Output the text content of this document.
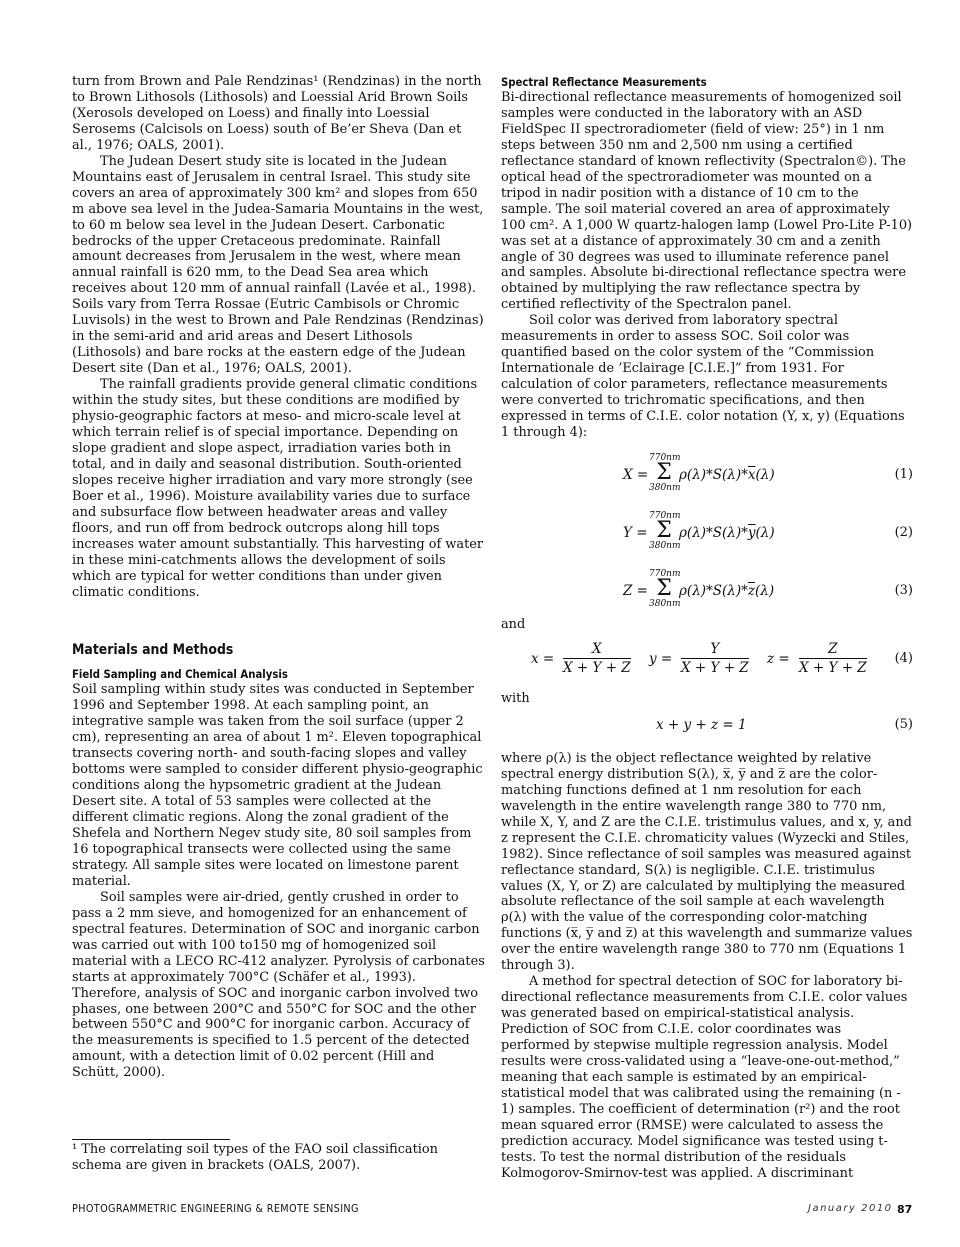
turn from Brown and Pale Rendzinas¹ (Rendzinas) in the north to Brown Lithosols (Lithosols) and Loessial Arid Brown Soils (Xerosols developed on Loess) and finally into Loessial Serosems (Calcisols on Loess) south of Be’er Sheva (Dan et al., 1976; OALS, 2001).

The Judean Desert study site is located in the Judean Mountains east of Jerusalem in central Israel. This study site covers an area of approximately 300 km² and slopes from 650 m above sea level in the Judea-Samaria Mountains in the west, to 60 m below sea level in the Judean Desert. Carbonatic bedrocks of the upper Cretaceous predominate. Rainfall amount decreases from Jerusalem in the west, where mean annual rainfall is 620 mm, to the Dead Sea area which receives about 120 mm of annual rainfall (Lavée et al., 1998). Soils vary from Terra Rossae (Eutric Cambisols or Chromic Luvisols) in the west to Brown and Pale Rendzinas (Rendzinas) in the semi-arid and arid areas and Desert Lithosols (Lithosols) and bare rocks at the eastern edge of the Judean Desert site (Dan et al., 1976; OALS, 2001).

The rainfall gradients provide general climatic conditions within the study sites, but these conditions are modified by physio-geographic factors at meso- and micro-scale level at which terrain relief is of special importance. Depending on slope gradient and slope aspect, irradiation varies both in total, and in daily and seasonal distribution. South-oriented slopes receive higher irradiation and vary more strongly (see Boer et al., 1996). Moisture availability varies due to surface and subsurface flow between headwater areas and valley floors, and run off from bedrock outcrops along hill tops increases water amount substantially. This harvesting of water in these mini-catchments allows the development of soils which are typical for wetter conditions than under given climatic conditions.

Materials and Methods
Field Sampling and Chemical Analysis

Soil sampling within study sites was conducted in September 1996 and September 1998. At each sampling point, an integrative sample was taken from the soil surface (upper 2 cm), representing an area of about 1 m². Eleven topographical transects covering north- and south-facing slopes and valley bottoms were sampled to consider different physio-geographic conditions along the hypsometric gradient at the Judean Desert site. A total of 53 samples were collected at the different climatic regions. Along the zonal gradient of the Shefela and Northern Negev study site, 80 soil samples from 16 topographical transects were collected using the same strategy. All sample sites were located on limestone parent material.

Soil samples were air-dried, gently crushed in order to pass a 2 mm sieve, and homogenized for an enhancement of spectral features. Determination of SOC and inorganic carbon was carried out with 100 to150 mg of homogenized soil material with a LECO RC-412 analyzer. Pyrolysis of carbonates starts at approximately 700°C (Schäfer et al., 1993). Therefore, analysis of SOC and inorganic carbon involved two phases, one between 200°C and 550°C for SOC and the other between 550°C and 900°C for inorganic carbon. Accuracy of the measurements is specified to 1.5 percent of the detected amount, with a detection limit of 0.02 percent (Hill and Schütt, 2000).

¹ The correlating soil types of the FAO soil classification schema are given in brackets (OALS, 2007).

Spectral Reflectance Measurements

Bi-directional reflectance measurements of homogenized soil samples were conducted in the laboratory with an ASD FieldSpec II spectroradiometer (field of view: 25°) in 1 nm steps between 350 nm and 2,500 nm using a certified reflectance standard of known reflectivity (Spectralon©). The optical head of the spectroradiometer was mounted on a tripod in nadir position with a distance of 10 cm to the sample. The soil material covered an area of approximately 100 cm². A 1,000 W quartz-halogen lamp (Lowel Pro-Lite P-10) was set at a distance of approximately 30 cm and a zenith angle of 30 degrees was used to illuminate reference panel and samples. Absolute bi-directional reflectance spectra were obtained by multiplying the raw reflectance spectra by certified reflectivity of the Spectralon panel.

Soil color was derived from laboratory spectral measurements in order to assess SOC. Soil color was quantified based on the color system of the “Commission Internationale de ’Eclairage [C.I.E.]” from 1931. For calculation of color parameters, reflectance measurements were converted to trichromatic specifications, and then expressed in terms of C.I.E. color notation (Y, x, y) (Equations 1 through 4):

X =
770nm
Σ
380nm
$\rho(\lambda)*S(\lambda)*\overline{x}(\lambda)$	(1)
Y =
770nm
Σ
380nm
$\rho(\lambda)*S(\lambda)*\overline{y}(\lambda)$	(2)
Z =
770nm
Σ
380nm
$\rho(\lambda)*S(\lambda)*\overline{z}(\lambda)$	(3)

and

$x = \frac{X}{X + Y + Z}$ $y = \frac{Y}{X + Y + Z}$ $z = \frac{Z}{X + Y + Z} (4)$

with

x + y + z = 1	(5)

where ρ(λ) is the object reflectance weighted by relative spectral energy distribution S(λ), x̅, y̅ and z̅ are the color-matching functions defined at 1 nm resolution for each wavelength in the entire wavelength range 380 to 770 nm, while X, Y, and Z are the C.I.E. tristimulus values, and x, y, and z represent the C.I.E. chromaticity values (Wyzecki and Stiles, 1982). Since reflectance of soil samples was measured against reflectance standard, S(λ) is negligible. C.I.E. tristimulus values (X, Y, or Z) are calculated by multiplying the measured absolute reflectance of the soil sample at each wavelength ρ(λ) with the value of the corresponding color-matching functions (x̅, y̅ and z̅) at this wavelength and summarize values over the entire wavelength range 380 to 770 nm (Equations 1 through 3).

A method for spectral detection of SOC for laboratory bi-directional reflectance measurements from C.I.E. color values was generated based on empirical-statistical analysis. Prediction of SOC from C.I.E. color coordinates was performed by stepwise multiple regression analysis. Model results were cross-validated using a “leave-one-out-method,” meaning that each sample is estimated by an empirical-statistical model that was calibrated using the remaining (n - 1) samples. The coefficient of determination (r²) and the root mean squared error (RMSE) were calculated to assess the prediction accuracy. Model significance was tested using t-tests. To test the normal distribution of the residuals Kolmogorov-Smirnov-test was applied. A discriminant

PHOTOGRAMMETRIC ENGINEERING & REMOTE SENSING	January 2010 87
